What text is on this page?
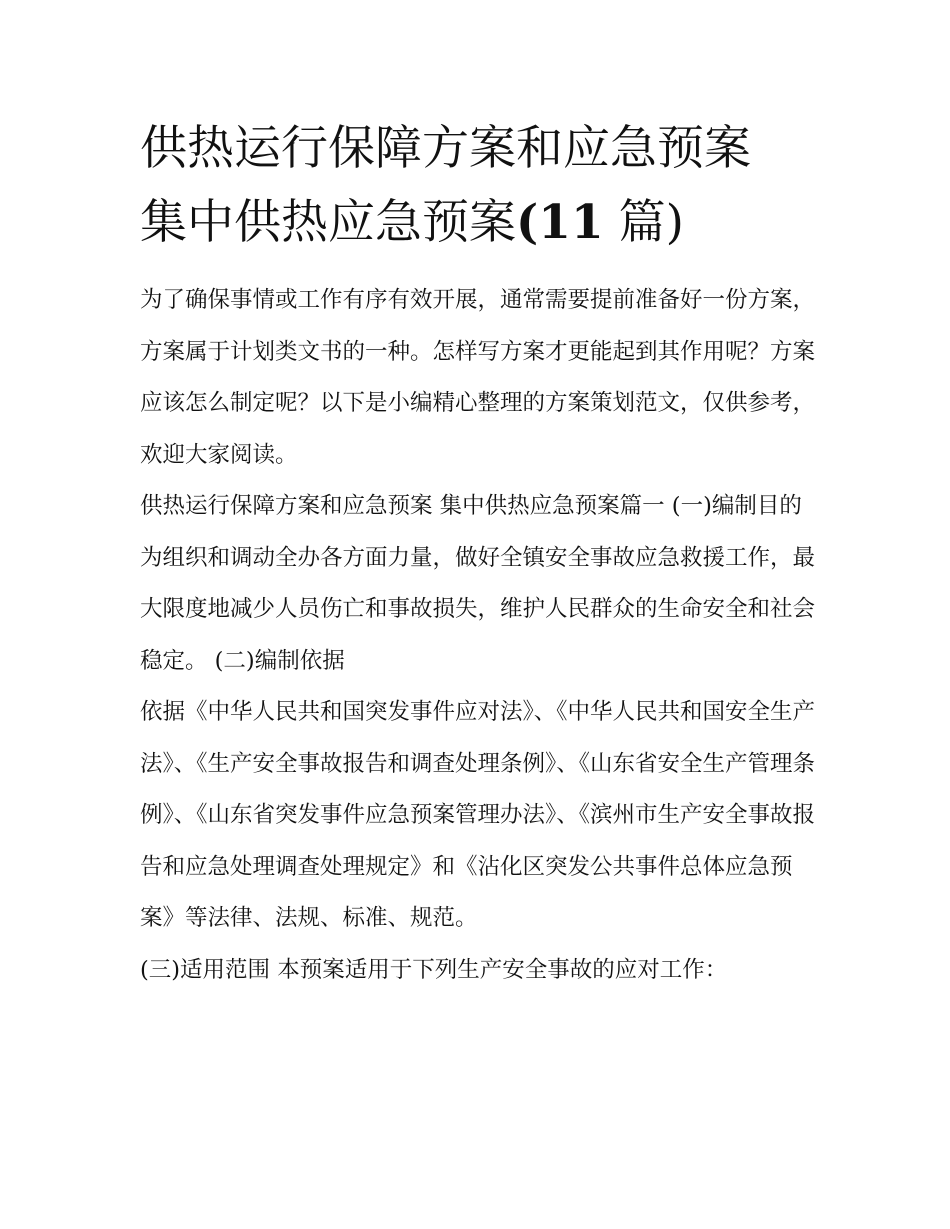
供热运行保障方案和应急预案
集中供热应急预案(11 篇)

为了确保事情或工作有序有效开展，通常需要提前准备好一份方案，方案属于计划类文书的一种。怎样写方案才更能起到其作用呢？方案应该怎么制定呢？以下是小编精心整理的方案策划范文，仅供参考，欢迎大家阅读。

供热运行保障方案和应急预案 集中供热应急预案篇一 (一)编制目的

为组织和调动全办各方面力量，做好全镇安全事故应急救援工作，最大限度地减少人员伤亡和事故损失，维护人民群众的生命安全和社会稳定。 (二)编制依据

依据《中华人民共和国突发事件应对法》、《中华人民共和国安全生产法》、《生产安全事故报告和调查处理条例》、《山东省安全生产管理条例》、《山东省突发事件应急预案管理办法》、《滨州市生产安全事故报告和应急处理调查处理规定》和《沾化区突发公共事件总体应急预案》等法律、法规、标准、规范。

(三)适用范围 本预案适用于下列生产安全事故的应对工作：
